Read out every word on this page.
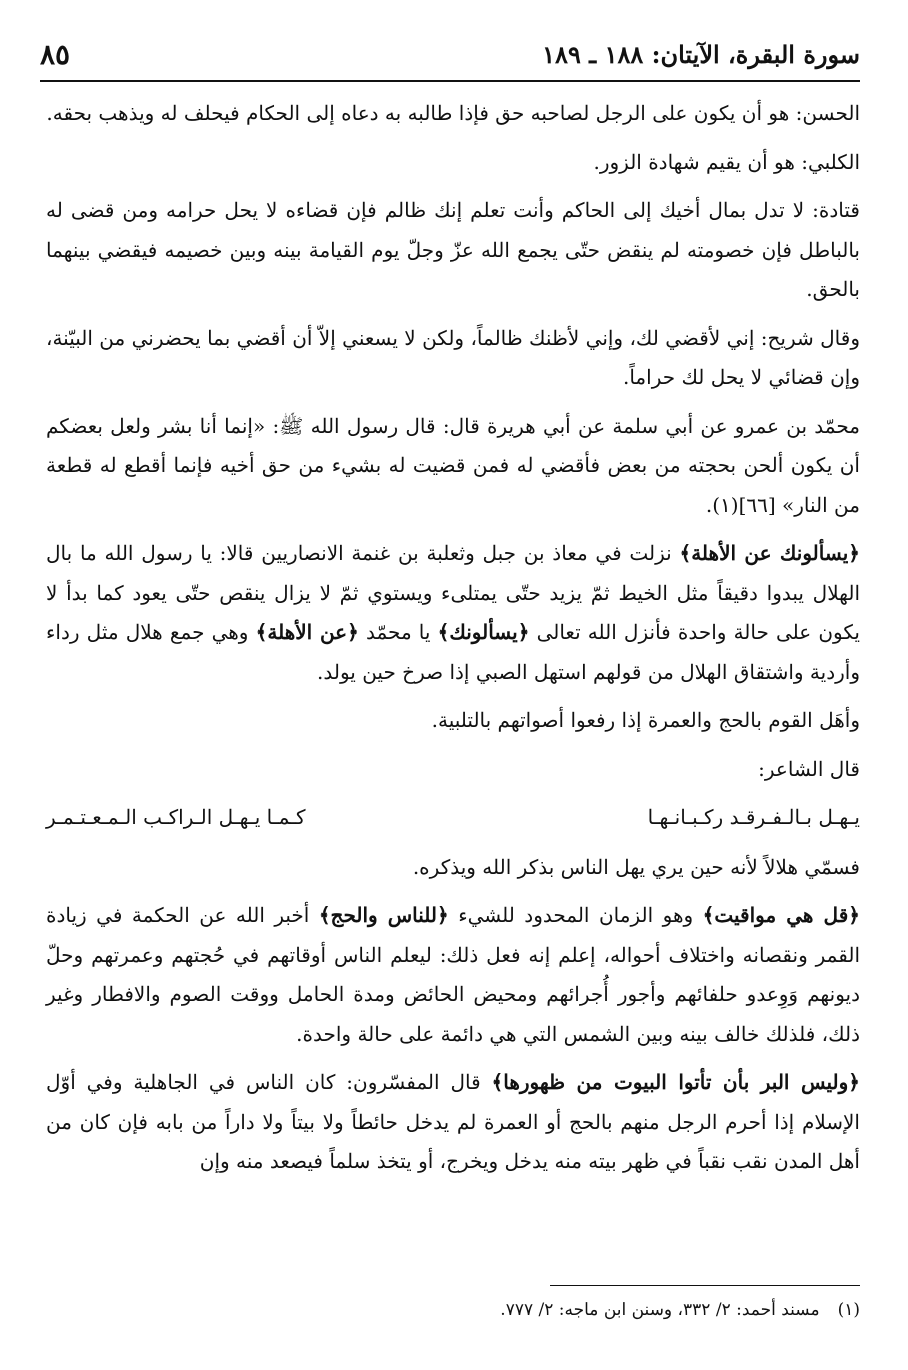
سورة البقرة، الآيتان: ١٨٨ ـ ١٨٩
٨٥

الحسن: هو أن يكون على الرجل لصاحبه حق فإذا طالبه به دعاه إلى الحكام فيحلف له ويذهب بحقه.

الكلبي: هو أن يقيم شهادة الزور.

قتادة: لا تدل بمال أخيك إلى الحاكم وأنت تعلم إنك ظالم فإن قضاءه لا يحل حرامه ومن قضى له بالباطل فإن خصومته لم ينقض حتّى يجمع الله عزّ وجلّ يوم القيامة بينه وبين خصيمه فيقضي بينهما بالحق.

وقال شريح: إني لأقضي لك، وإني لأظنك ظالماً، ولكن لا يسعني إلاّ أن أقضي بما يحضرني من البيّنة، وإن قضائي لا يحل لك حراماً.

محمّد بن عمرو عن أبي سلمة عن أبي هريرة قال: قال رسول الله ﷺ: «إنما أنا بشر ولعل بعضكم أن يكون ألحن بحجته من بعض فأقضي له فمن قضيت له بشيء من حق أخيه فإنما أقطع له قطعة من النار» [٦٦](١).

﴿يسألونك عن الأهلة﴾ نزلت في معاذ بن جبل وثعلبة بن غنمة الانصاريين قالا: يا رسول الله ما بال الهلال يبدوا دقيقاً مثل الخيط ثمّ يزيد حتّى يمتلىء ويستوي ثمّ لا يزال ينقص حتّى يعود كما بدأ لا يكون على حالة واحدة فأنزل الله تعالى ﴿يسألونك﴾ يا محمّد ﴿عن الأهلة﴾ وهي جمع هلال مثل رداء وأردية واشتقاق الهلال من قولهم استهل الصبي إذا صرخ حين يولد.

وأهَل القوم بالحج والعمرة إذا رفعوا أصواتهم بالتلبية.

قال الشاعر:

يـهـل بـالـفـرقـد ركـبـانـهـا
كـمـا يـهـل الـراكـب الـمـعـتـمـر

فسمّي هلالاً لأنه حين يري يهل الناس بذكر الله ويذكره.

﴿قل هي مواقيت﴾ وهو الزمان المحدود للشيء ﴿للناس والحج﴾ أخبر الله عن الحكمة في زيادة القمر ونقصانه واختلاف أحواله، إعلم إنه فعل ذلك: ليعلم الناس أوقاتهم في حُجتهم وعمرتهم وحلّ ديونهم وَوِعدو حلفائهم وأجور أُجرائهم ومحيض الحائض ومدة الحامل ووقت الصوم والافطار وغير ذلك، فلذلك خالف بينه وبين الشمس التي هي دائمة على حالة واحدة.

﴿وليس البر بأن تأتوا البيوت من ظهورها﴾ قال المفسّرون: كان الناس في الجاهلية وفي أوّل الإسلام إذا أحرم الرجل منهم بالحج أو العمرة لم يدخل حائطاً ولا بيتاً ولا داراً من بابه فإن كان من أهل المدن نقب نقباً في ظهر بيته منه يدخل ويخرج، أو يتخذ سلماً فيصعد منه وإن

(١)مسند أحمد: ٢/ ٣٣٢، وسنن ابن ماجه: ٢/ ٧٧٧.
